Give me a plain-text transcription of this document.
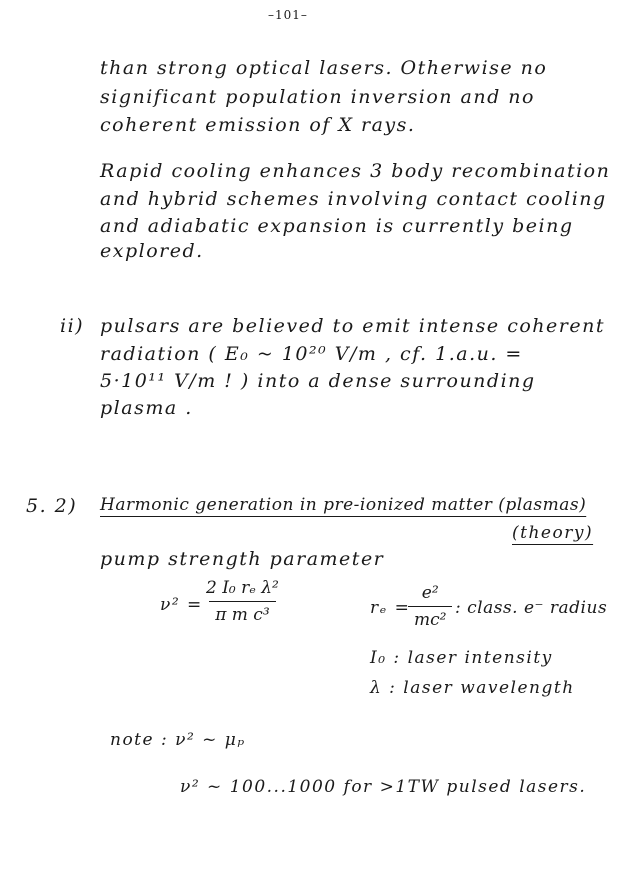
–101–
than strong optical lasers. Otherwise no
significant population inversion and no
coherent emission of X rays.
Rapid cooling enhances 3 body recombination
and hybrid schemes involving contact cooling
and adiabatic expansion is currently being
explored.
ii) pulsars are believed to emit intense coherent
radiation ( E₀ ~ 10²⁰ V/m , cf. 1.a.u. =
5·10¹¹ V/m ! ) into a dense surrounding
plasma .
5. 2) Harmonic generation in pre-ionized matter (plasmas)
(theory)
pump strength parameter
ν² =
$\frac{\text{2 I₀ rₑ λ²}}{\text{π m c³}}$	rₑ =
$\frac{\text{e²}}{\text{mc²}}$ : class. e⁻ radius
I₀ : laser intensity
λ : laser wavelength
note : ν² ~ μₚ
ν² ~ 100...1000 for >1TW pulsed lasers.
